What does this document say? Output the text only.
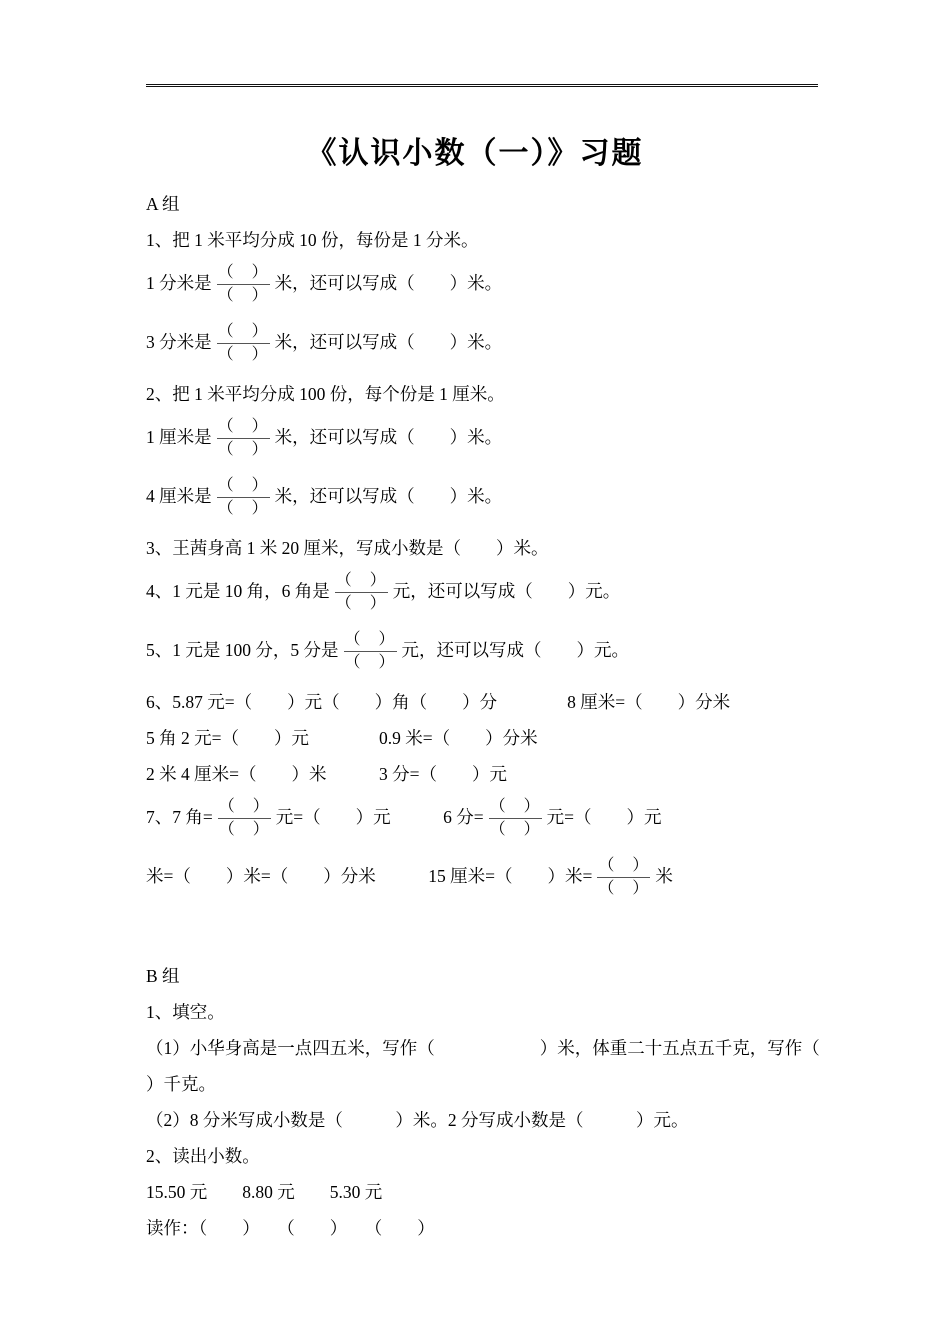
《认识小数（一）》习题
A 组
1、把 1 米平均分成 10 份，每份是 1 分米。
1 分米是 $\frac{( )}{( )}$ 米，还可以写成（　　）米。
3 分米是 $\frac{( )}{( )}$ 米，还可以写成（　　）米。
2、把 1 米平均分成 100 份，每个份是 1 厘米。
1 厘米是 $\frac{( )}{( )}$ 米，还可以写成（　　）米。
4 厘米是 $\frac{( )}{( )}$ 米，还可以写成（　　）米。
3、王茜身高 1 米 20 厘米，写成小数是（　　）米。
4、1 元是 10 角，6 角是 $\frac{( )}{( )}$ 元，还可以写成（　　）元。
5、1 元是 100 分，5 分是 $\frac{( )}{( )}$ 元，还可以写成（　　）元。
6、5.87 元=（　　）元（　　）角（　　）分　　　　8 厘米=（　　）分米
5 角 2 元=（　　）元　　　　0.9 米=（　　）分米
2 米 4 厘米=（　　）米　　　3 分=（　　）元
7、7 角= $\frac{( )}{( )}$ 元=（　　）元　　　6 分= $\frac{( )}{( )}$ 元=（　　）元
米=（　　）米=（　　）分米　　　15 厘米=（　　）米= $\frac{( )}{( )}$ 米
B 组
1、填空。
（1）小华身高是一点四五米，写作（　　　　　　）米，体重二十五点五千克，写作（
）千克。
（2）8 分米写成小数是（　　　）米。2 分写成小数是（　　　）元。
2、读出小数。
15.50 元　　8.80 元　　5.30 元
读作：（　　）　　（　　）　　（　　）
